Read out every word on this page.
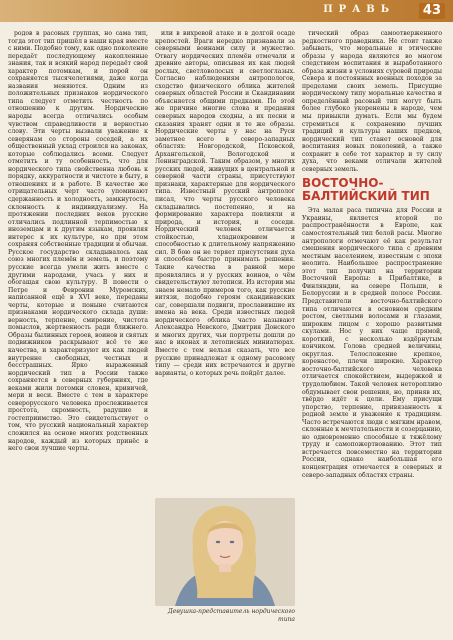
ПРАВЬ	43

родов в расовых группах, но сама тип, тогда этот тип пришёл в наши края вместе с ними. Подобно тому, как одно поколение передаёт последующему накопленные знания, так и всякий народ передаёт свой характер потомкам, и порой он сохраняется тысячелетиями, даже когда названия меняются. Одним из положительных признаков нордического типа следует отметить честность по отношению к другим. Нордические народы всегда отличались особым чувством справедливости и верностью слову. Эти черты вызвали уважение к северянам со стороны соседей, а их общественный уклад строился на законах, которые соблюдались всеми. Следует отметить и ту особенность, что для нордического типа свойственна любовь к порядку, аккуратности и чистоте в быту, в отношениях и в работе. В качестве же отрицательных черт часто упоминают сдержанность и холодность, замкнутость, склонность к индивидуализму. На протяжении последних веков русские отличались подлинной терпимостью к иноземцам и к другим языкам, проявляя интерес к их культуре, но при этом сохраняя собственные традиции и обычаи. Русское государство складывалось как союз многих племён и земель, и поэтому русские всегда умели жить вместе с другими народами, учась у них и обогащая свою культуру. В повести о Петре и Февронии Муромских, написанной ещё в XVI веке, переданы черты, которые и поныне считаются признаками нордического склада души: верность, терпение, смирение, чистота помыслов, жертвенность ради ближнего. Образы былинных героев, воинов и святых подвижников раскрывают всё те же качества, и характеризуют их как людей внутренне свободных, честных и бесстрашных. Ярко выраженный нордический тип в России также сохраняется в северных губерниях, где веками жили потомки словен, кривичей, мери и веси. Вместе с тем в характере северорусского человека прослеживается простота, скромность, радушие и гостеприимство. Это свидетельствует о том, что русский национальный характер сложился на основе многих родственных народов, каждый из которых принёс в него свои лучшие черты.

или в вихревой атаке и в долгой осаде крепостей. Враги нередко признавали за северными воинами силу и мужество. Отвагу нордических племён отмечали и древние авторы, описывая их как людей рослых, светловолосых и светлоглазых. Согласно наблюдениям антропологов, сходство физического облика жителей северных областей России и Скандинавии объясняется общими предками. По этой же причине многие слова и предания северных народов сходны, а их песни и сказания хранят одни и те же образы. Нордические черты у нас на Руси заметнее всего в северо-западных областях: Новгородской, Псковской, Архангельской, Вологодской и Ленинградской. Таким образом, у многих русских людей, живущих в центральной и северной части страны, присутствуют признаки, характерные для нордического типа. Известный русский антрополог писал, что черты русского человека складывались постепенно, и на формирование характера повлияли и природа, и история, и соседи. Нордический человек отличается стойкостью, хладнокровием и способностью к длительному напряжению сил. В бою он не теряет присутствия духа и способен быстро принимать решения. Такие качества в равной мере проявлялись и у русских воинов, о чём свидетельствуют летописи. Из истории мы знаем немало примеров того, как русские витязи, подобно героям скандинавских саг, совершали подвиги, прославившие их имена на века. Среди известных людей нордического облика часто называют Александра Невского, Дмитрия Донского и многих других, чьи портреты дошли до нас в иконах и летописных миниатюрах. Вместе с тем нельзя сказать, что все русские принадлежат к одному расовому типу — среди них встречаются и другие варианты, о которых речь пойдёт далее.

Девушка-представитель нордического типа

тический образ самоотверженного редкостного праведника. Не стоит также забывать, что моральные и этические образы у народа являются во многом следствием воспитания и выработанного образа жизни в условиях суровой природы Севера и постоянных военных походов за пределами своих земель. Присущие нордическому типу моральные качества и определённый расовый тип могут быть более глубоко укоренены в народе, чем мы привыкли думать. Если мы будем стремиться к сохранению лучших традиций и культуры наших предков, нордический тип станет основой для воспитания новых поколений, а также сохранит в себе тот характер и ту силу духа, что веками отличали жителей северных земель.

ВОСТОЧНО-БАЛТИЙСКИЙ ТИП

Эта малая раса типична для России и Украины, является второй по распространённости в Европе, как самостоятельный тип белой расы. Многие антропологи отмечают её как результат смешения нордического типа с древним местным населением, известным с эпохи неолита. Наибольшее распространение этот тип получил на территории Восточной Европы: в Прибалтике, в Финляндии, на севере Польши, в Белоруссии и в средней полосе России. Представители восточно-балтийского типа отличаются в основном средним ростом, светлыми волосами и глазами, широким лицом с хорошо развитыми скулами. Нос у них чаще прямой, короткий, с несколько вздёрнутым кончиком. Голова средней величины, округлая. Телосложение крепкое, коренастое, плечи широкие. Характер восточно-балтийского человека отличается спокойствием, выдержкой и трудолюбием. Такой человек неторопливо обдумывает свои решения, но, приняв их, твёрдо идёт к цели. Ему присущи упорство, терпение, привязанность к родной земле и уважение к традициям. Часто встречаются люди с мягким нравом, склонные к мечтательности и созерцанию, но одновременно способные к тяжёлому труду и самопожертвованию. Этот тип встречается повсеместно на территории России, однако наибольшая его концентрация отмечается в северных и северо-западных областях страны.
